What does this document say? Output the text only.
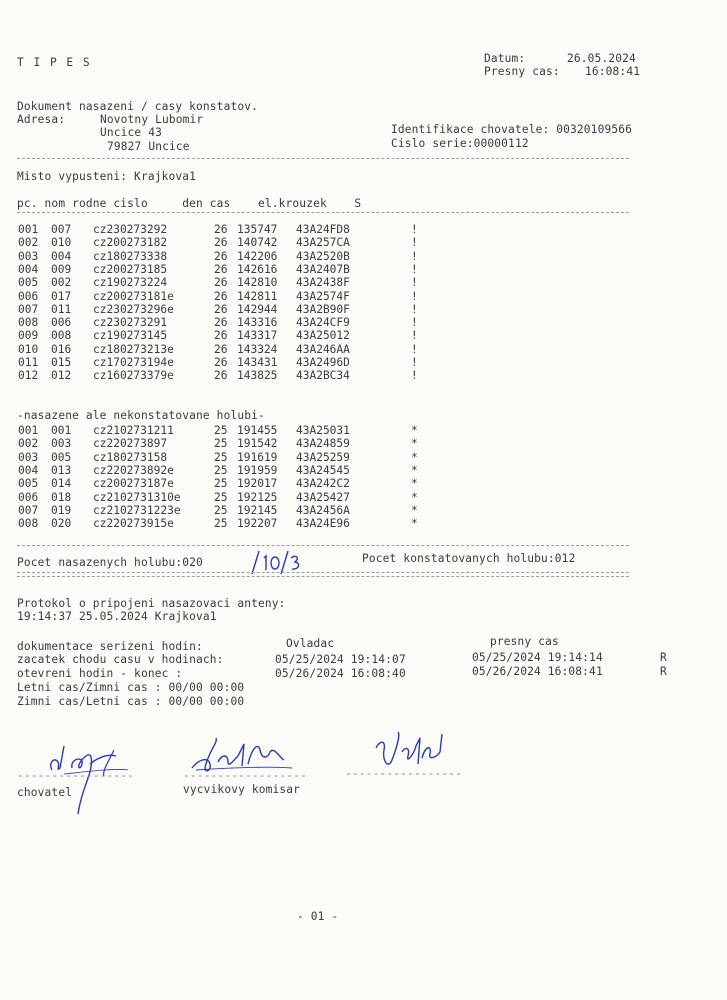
T I P E S	Datum:	26.05.2024
Presny cas: 16:08:41
Dokument nasazeni / casy konstatov.
Adresa:	Novotny Lubomir
Uncice 43
79827 Uncice
Identifikace chovatele: 00320109566
Cislo serie:00000112
Misto vypusteni: Krajkova1
pc. nom rodne cislo     den cas    el.krouzek    S
001 007 cz230273292	26 135747 43A24FD8	!
002 010 cz200273182	26 140742 43A257CA	!
003 004 cz180273338	26 142206 43A2520B	!
004 009 cz200273185	26 142616 43A2407B	!
005 002 cz190273224	26 142810 43A2438F	!
006 017 cz200273181e	26 142811 43A2574F	!
007 011 cz230273296e	26 142944 43A2B90F	!
008 006 cz230273291	26 143316 43A24CF9	!
009 008 cz190273145	26 143317 43A25012	!
010 016 cz180273213e	26 143324 43A246AA	!
011 015 cz170273194e	26 143431 43A2496D	!
012 012 cz160273379e	26 143825 43A2BC34	!
-nasazene ale nekonstatovane holubi-
001 001 cz2102731211	25 191455 43A25031	*
002 003 cz220273897	25 191542 43A24859	*
003 005 cz180273158	25 191619 43A25259	*
004 013 cz220273892e	25 191959 43A24545	*
005 014 cz200273187e	25 192017 43A242C2	*
006 018 cz2102731310e	25 192125 43A25427	*
007 019 cz2102731223e	25 192145 43A2456A	*
008 020 cz220273915e	25 192207 43A24E96	*
Pocet nasazenych holubu:020	Pocet konstatovanych holubu:012
Protokol o pripojeni nasazovaci anteny:
19:14:37 25.05.2024 Krajkova1
dokumentace serizeni hodin:	Ovladac	presny cas
zacatek chodu casu v hodinach:	05/25/2024 19:14:07	05/25/2024 19:14:14	R
otevreni hodin - konec :	05/26/2024 16:08:40	05/26/2024 16:08:41	R
Letni cas/Zimni cas : 00/00 00:00
Zimni cas/Letni cas : 00/00 00:00
-----------------	------------------	-----------------
chovatel	vycvikovy komisar
- 01 -
